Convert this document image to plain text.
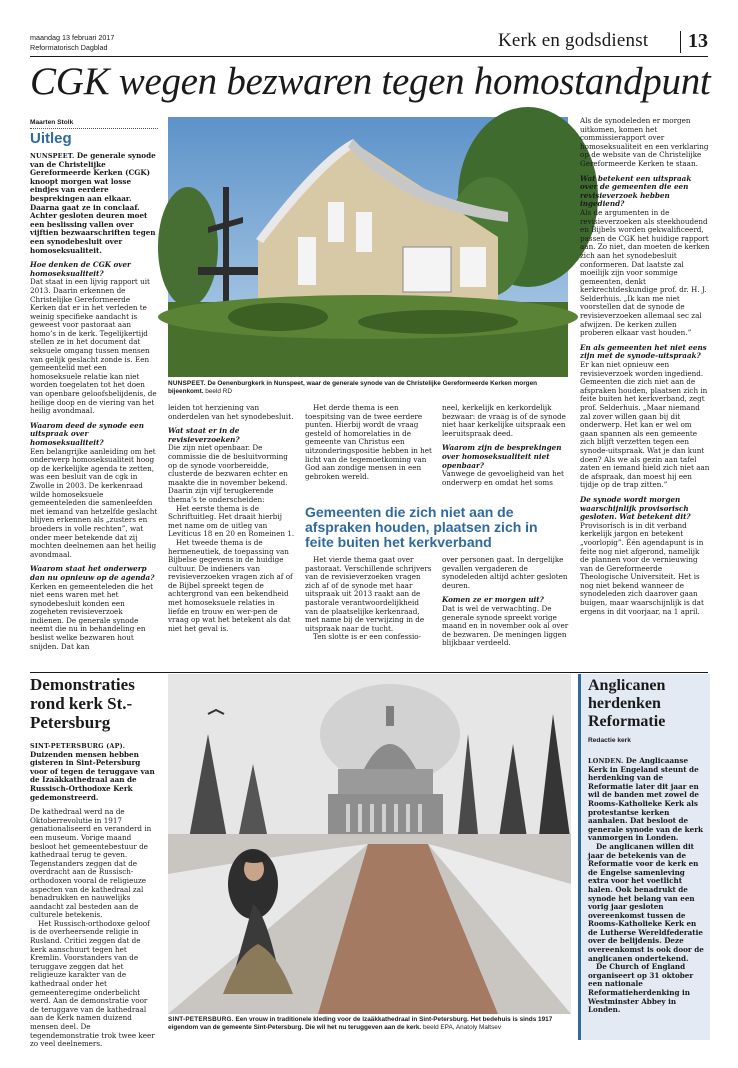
maandag 13 februari 2017
Reformatorisch Dagblad	Kerk en godsdienst 13
CGK wegen bezwaren tegen homostandpunt
Maarten Stolk
Uitleg

NUNSPEET. De generale synode van de Christelijke Gereformeerde Kerken (CGK) knoopt morgen wat losse eindjes van eerdere besprekingen aan elkaar. Daarna gaat ze in conclaaf. Achter gesloten deuren moet een beslissing vallen over vijftien bezwaarschriften tegen een synodebesluit over homoseksualiteit.

Hoe denken de CGK over homoseksualiteit?

Dat staat in een lijvig rapport uit 2013. Daarin erkennen de Christelijke Gereformeerde Kerken dat er in het verleden te weinig specifieke aandacht is geweest voor pastoraat aan homo’s in de kerk. Tegelijkertijd stellen ze in het document dat seksuele omgang tussen mensen van gelijk geslacht zonde is. Een gemeentelid met een homoseksuele relatie kan niet worden toegelaten tot het doen van openbare geloofsbelijdenis, de heilige doop en de viering van het heilig avondmaal.

Waarom deed de synode een uitspraak over homoseksualiteit?

Een belangrijke aanleiding om het onderwerp homoseksualiteit hoog op de kerkelijke agenda te zetten, was een besluit van de cgk in Zwolle in 2003. De kerkenraad wilde homoseksuele gemeenteleden die samenleefden met iemand van hetzelfde geslacht blijven erkennen als „zusters en broeders in volle rechten”, wat onder meer betekende dat zij mochten deelnemen aan het heilig avondmaal.

Waarom staat het onderwerp dan nu opnieuw op de agenda?

Kerken en gemeenteleden die het niet eens waren met het synodebesluit konden een zogeheten revisieverzoek indienen. De generale synode neemt die nu in behandeling en beslist welke bezwaren hout snijden. Dat kan

NUNSPEET. De Oenenburgkerk in Nunspeet, waar de generale synode van de Christelijke Gereformeerde Kerken morgen bijeenkomt. beeld RD

leiden tot herziening van onderdelen van het synodebesluit.

Wat staat er in de revisieverzoeken?

Die zijn niet openbaar. De commissie die de besluitvorming op de synode voorbereidde, clusterde de bezwaren echter en maakte die in november bekend. Daarin zijn vijf terugkerende thema’s te onderscheiden:

Het eerste thema is de Schriftuitleg. Het draait hierbij met name om de uitleg van Leviticus 18 en 20 en Romeinen 1.

Het tweede thema is de hermeneutiek, de toepassing van Bijbelse gegevens in de huidige cultuur. De indieners van revisieverzoeken vragen zich af of de Bijbel spreekt tegen de achtergrond van een bekendheid met homoseksuele relaties in liefde en trouw en wer-pen de vraag op wat het betekent als dat niet het geval is.

Het derde thema is een toespitsing van de twee eerdere punten. Hierbij wordt de vraag gesteld of homorelaties in de gemeente van Christus een uitzonderingspositie hebben in het licht van de tegemoetkoming van God aan zondige mensen in een gebroken wereld.

neel, kerkelijk en kerkordelijk bezwaar: de vraag is of de synode niet haar kerkelijke uitspraak een leeruitspraak deed.

Waarom zijn de besprekingen over homoseksualiteit niet openbaar?

Vanwege de gevoeligheid van het onderwerp en omdat het soms

Gemeenten die zich niet aan de afspraken houden, plaatsen zich in feite buiten het kerkverband

Het vierde thema gaat over pastoraat. Verschillende schrijvers van de revisieverzoeken vragen zich af of de synode met haar uitspraak uit 2013 raakt aan de pastorale verantwoordelijkheid van de plaatselijke kerkenraad, met name bij de verwijzing in de uitspraak naar de tucht.

Ten slotte is er een confessio-

over personen gaat. In dergelijke gevallen vergaderen de synodeleden altijd achter gesloten deuren.

Komen ze er morgen uit?

Dat is wel de verwachting. De generale synode spreekt vorige maand en in november ook al over de bezwaren. De meningen liggen blijkbaar verdeeld.

Als de synodeleden er morgen uitkomen, komen het commissierapport over homoseksualiteit en een verklaring op de website van de Christelijke Gereformeerde Kerken te staan.

Wat betekent een uitspraak over de gemeenten die een revisieverzoek hebben ingediend?

Als de argumenten in de revisieverzoeken als steekhoudend en Bijbels worden gekwalificeerd, passen de CGK het huidige rapport aan. Zo niet, dan moeten de kerken zich aan het synodebesluit conformeren. Dat laatste zal moeilijk zijn voor sommige gemeenten, denkt kerkrechtdeskundige prof. dr. H. J. Selderhuis. „Ik kan me niet voorstellen dat de synode de revisieverzoeken allemaal sec zal afwijzen. De kerken zullen proberen elkaar vast houden.”

En als gemeenten het niet eens zijn met de synode-uitspraak?

Er kan niet opnieuw een revisieverzoek worden ingediend. Gemeenten die zich niet aan de afspraken houden, plaatsen zich in feite buiten het kerkverband, zegt prof. Selderhuis. „Maar niemand zal zover willen gaan bij dit onderwerp. Het kan er wel om gaan spannen als een gemeente zich blijft verzetten tegen een synode-uitspraak. Wat je dan kunt doen? Als we als gezin aan tafel zaten en iemand hield zich niet aan de afspraak, dan moest hij een tijdje op de trap zitten.”

De synode wordt morgen waarschijnlijk provisorisch gesloten. Wat betekent dit?

Provisorisch is in dit verband kerkelijk jargon en betekent „voorlopig”. Één agendapunt is in feite nog niet afgerond, namelijk de plannen voor de vernieuwing van de Gereformeerde Theologische Universiteit. Het is nog niet bekend wanneer de synodeleden zich daarover gaan buigen, maar waarschijnlijk is dat ergens in dit voorjaar, na 1 april.

Demonstraties rond kerk St.-Petersburg

SINT-PETERSBURG (AP). Duizenden mensen hebben gisteren in Sint-Petersburg voor of tegen de teruggave van de Izaäkkathedraal aan de Russisch-Orthodoxe Kerk gedemonstreerd.

De kathedraal werd na de Oktoberrevolutie in 1917 genationaliseerd en veranderd in een museum. Vorige maand besloot het gemeentebestuur de kathedraal terug te geven. Tegenstanders zeggen dat de overdracht aan de Russisch-orthodoxen vooral de religieuze aspecten van de kathedraal zal benadrukken en nauwelijks aandacht zal besteden aan de culturele betekenis.

Het Russisch-orthodoxe geloof is de overheersende religie in Rusland. Critici zeggen dat de kerk aanschuurt tegen het Kremlin. Voorstanders van de teruggave zeggen dat het religieuze karakter van de kathedraal onder het gemeenteregime onderbelicht werd. Aan de demonstratie voor de teruggave van de kathedraal aan de Kerk namen duizend mensen deel. De tegendemonstratie trok twee keer zo veel deelnemers.

SINT-PETERSBURG. Een vrouw in traditionele kleding voor de Izaäkkathedraal in Sint-Petersburg. Het bedehuis is sinds 1917 eigendom van de gemeente Sint-Petersburg. Die wil het nu teruggeven aan de kerk. beeld EPA, Anatoly Maltsev
Anglicanen herdenken Reformatie
Redactie kerk

LONDEN. De Anglicaanse Kerk in Engeland steunt de herdenking van de Reformatie later dit jaar en wil de banden met zowel de Rooms-Katholieke Kerk als protestantse kerken aanhalen. Dat besloot de generale synode van de kerk vanmorgen in Londen.

De anglicanen willen dit jaar de betekenis van de Reformatie voor de kerk en de Engelse samenleving extra voor het voetlicht halen. Ook benadrukt de synode het belang van een vorig jaar gesloten overeenkomst tussen de Rooms-Katholieke Kerk en de Lutherse Wereldfederatie over de belijdenis. Deze overeenkomst is ook door de anglicanen ondertekend.

De Church of England organiseert op 31 oktober een nationale Reformatieherdenking in Westminster Abbey in Londen.
